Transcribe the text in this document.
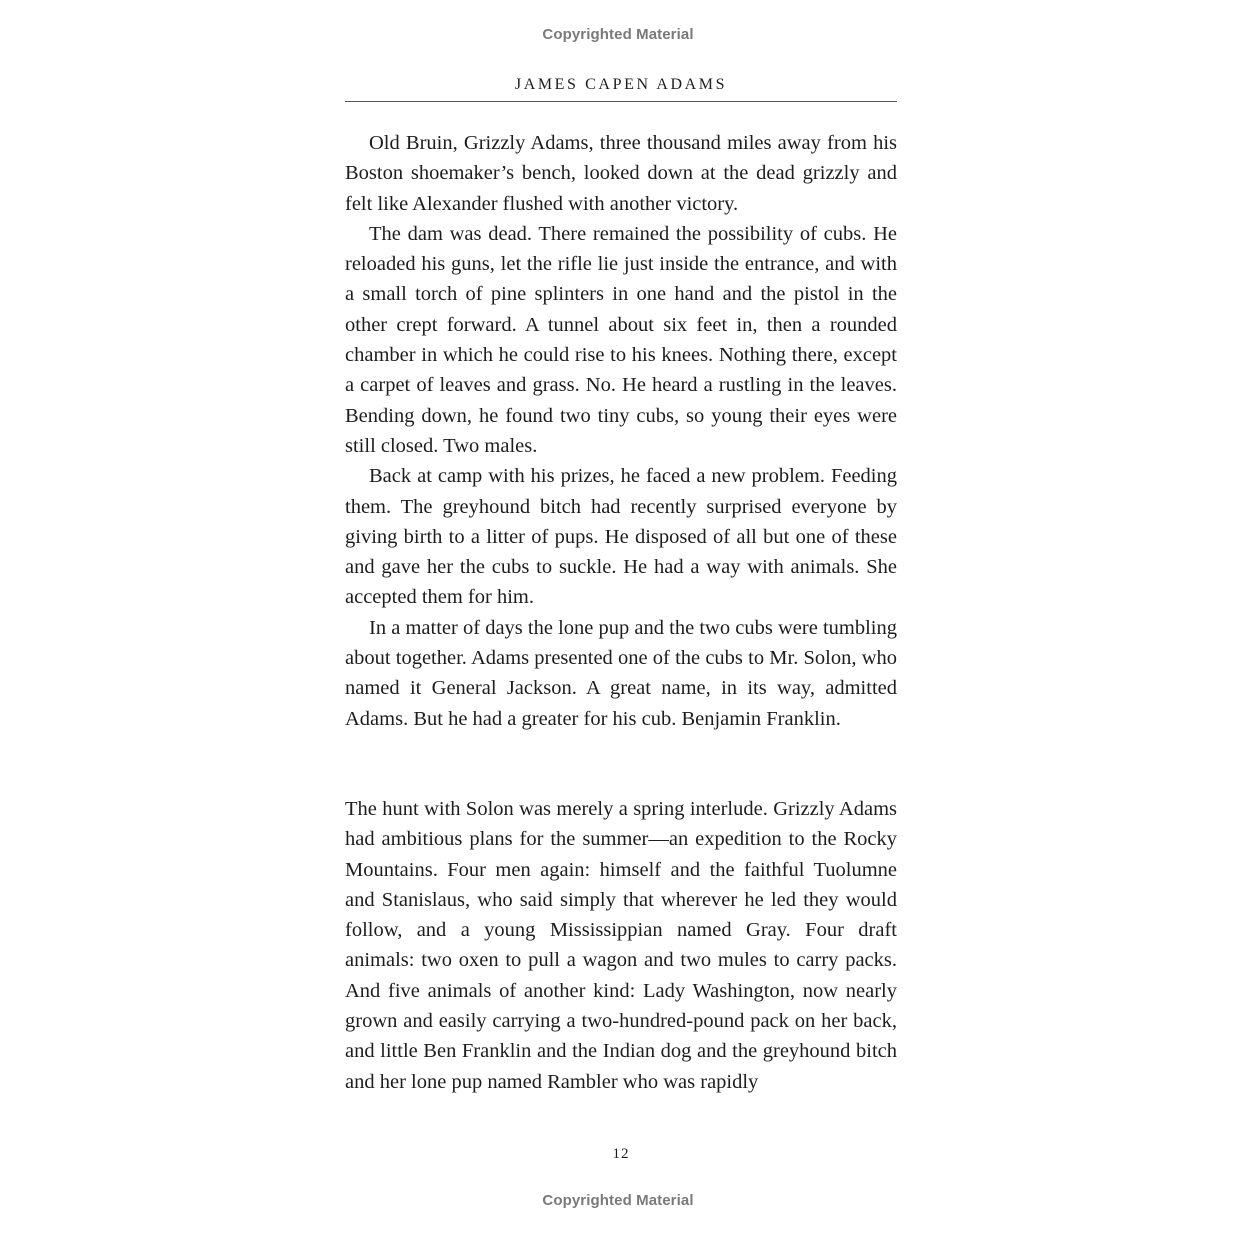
Copyrighted Material
JAMES CAPEN ADAMS

Old Bruin, Grizzly Adams, three thousand miles away from his Boston shoemaker’s bench, looked down at the dead grizzly and felt like Alexander flushed with another victory.

The dam was dead. There remained the possibility of cubs. He reloaded his guns, let the rifle lie just inside the entrance, and with a small torch of pine splinters in one hand and the pistol in the other crept forward. A tunnel about six feet in, then a rounded chamber in which he could rise to his knees. Nothing there, except a carpet of leaves and grass. No. He heard a rustling in the leaves. Bending down, he found two tiny cubs, so young their eyes were still closed. Two males.

Back at camp with his prizes, he faced a new problem. Feeding them. The greyhound bitch had recently surprised everyone by giving birth to a litter of pups. He disposed of all but one of these and gave her the cubs to suckle. He had a way with animals. She accepted them for him.

In a matter of days the lone pup and the two cubs were tumbling about together. Adams presented one of the cubs to Mr. Solon, who named it General Jackson. A great name, in its way, admitted Adams. But he had a greater for his cub. Benjamin Franklin.

The hunt with Solon was merely a spring interlude. Grizzly Adams had ambitious plans for the summer—an expedition to the Rocky Mountains. Four men again: himself and the faithful Tuolumne and Stanislaus, who said simply that wherever he led they would follow, and a young Mississippian named Gray. Four draft animals: two oxen to pull a wagon and two mules to carry packs. And five animals of another kind: Lady Washington, now nearly grown and easily carrying a two-hundred-pound pack on her back, and little Ben Franklin and the Indian dog and the greyhound bitch and her lone pup named Rambler who was rapidly

12
Copyrighted Material
